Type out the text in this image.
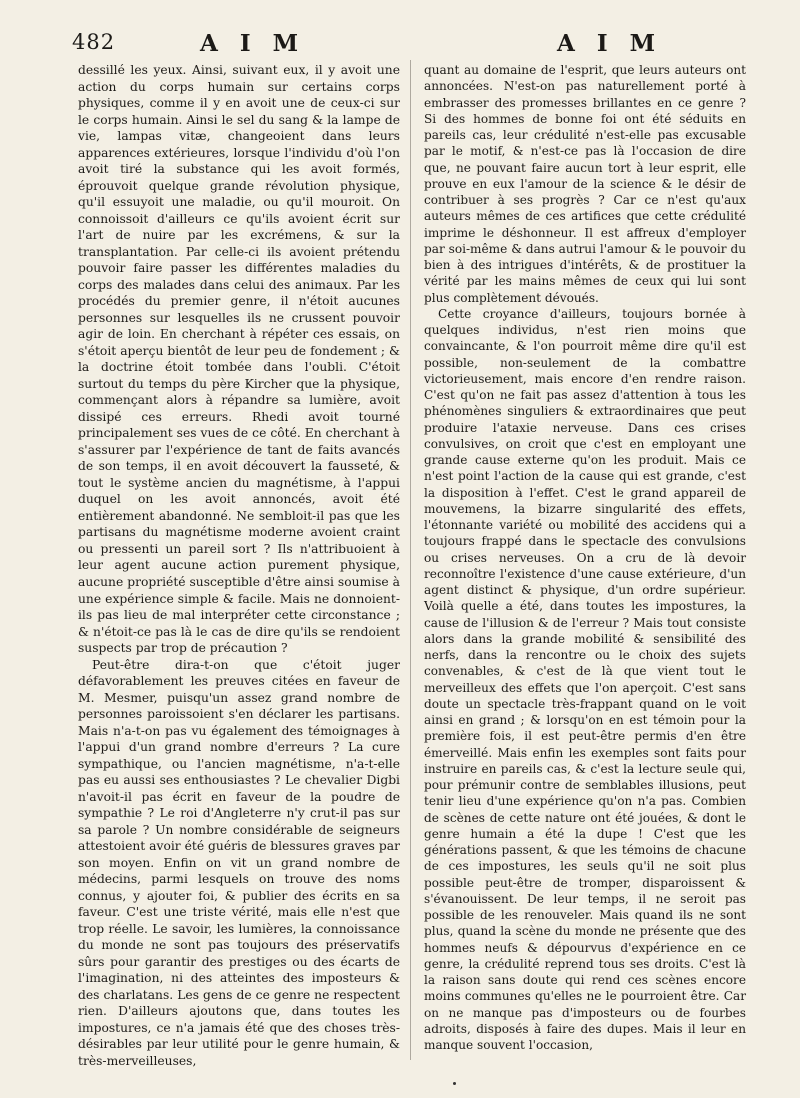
482	A I M	A I M

dessillé les yeux. Ainsi, suivant eux, il y avoit une action du corps humain sur certains corps physiques, comme il y en avoit une de ceux-ci sur le corps humain. Ainsi le sel du sang & la lampe de vie, lampas vitæ, changeoient dans leurs apparences extérieures, lorsque l'individu d'où l'on avoit tiré la substance qui les avoit formés, éprouvoit quelque grande révolution physique, qu'il essuyoit une maladie, ou qu'il mouroit. On connoissoit d'ailleurs ce qu'ils avoient écrit sur l'art de nuire par les excrémens, & sur la transplantation. Par celle-ci ils avoient prétendu pouvoir faire passer les différentes maladies du corps des malades dans celui des animaux. Par les procédés du premier genre, il n'étoit aucunes personnes sur lesquelles ils ne crussent pouvoir agir de loin. En cherchant à répéter ces essais, on s'étoit aperçu bientôt de leur peu de fondement ; & la doctrine étoit tombée dans l'oubli. C'étoit surtout du temps du père Kircher que la physique, commençant alors à répandre sa lumière, avoit dissipé ces erreurs. Rhedi avoit tourné principalement ses vues de ce côté. En cherchant à s'assurer par l'expérience de tant de faits avancés de son temps, il en avoit découvert la fausseté, & tout le système ancien du magnétisme, à l'appui duquel on les avoit annoncés, avoit été entièrement abandonné. Ne sembloit-il pas que les partisans du magnétisme moderne avoient craint ou pressenti un pareil sort ? Ils n'attribuoient à leur agent aucune action purement physique, aucune propriété susceptible d'être ainsi soumise à une expérience simple & facile. Mais ne donnoient-ils pas lieu de mal interpréter cette circonstance ; & n'étoit-ce pas là le cas de dire qu'ils se rendoient suspects par trop de précaution ?

Peut-être dira-t-on que c'étoit juger défavorablement les preuves citées en faveur de M. Mesmer, puisqu'un assez grand nombre de personnes paroissoient s'en déclarer les partisans. Mais n'a-t-on pas vu également des témoignages à l'appui d'un grand nombre d'erreurs ? La cure sympathique, ou l'ancien magnétisme, n'a-t-elle pas eu aussi ses enthousiastes ? Le chevalier Digbi n'avoit-il pas écrit en faveur de la poudre de sympathie ? Le roi d'Angleterre n'y crut-il pas sur sa parole ? Un nombre considérable de seigneurs attestoient avoir été guéris de blessures graves par son moyen. Enfin on vit un grand nombre de médecins, parmi lesquels on trouve des noms connus, y ajouter foi, & publier des écrits en sa faveur. C'est une triste vérité, mais elle n'est que trop réelle. Le savoir, les lumières, la connoissance du monde ne sont pas toujours des préservatifs sûrs pour garantir des prestiges ou des écarts de l'imagination, ni des atteintes des imposteurs & des charlatans. Les gens de ce genre ne respectent rien. D'ailleurs ajoutons que, dans toutes les impostures, ce n'a jamais été que des choses très-désirables par leur utilité pour le genre humain, & très-merveilleuses,

quant au domaine de l'esprit, que leurs auteurs ont annoncées. N'est-on pas naturellement porté à embrasser des promesses brillantes en ce genre ? Si des hommes de bonne foi ont été séduits en pareils cas, leur crédulité n'est-elle pas excusable par le motif, & n'est-ce pas là l'occasion de dire que, ne pouvant faire aucun tort à leur esprit, elle prouve en eux l'amour de la science & le désir de contribuer à ses progrès ? Car ce n'est qu'aux auteurs mêmes de ces artifices que cette crédulité imprime le déshonneur. Il est affreux d'employer par soi-même & dans autrui l'amour & le pouvoir du bien à des intrigues d'intérêts, & de prostituer la vérité par les mains mêmes de ceux qui lui sont plus complètement dévoués.

Cette croyance d'ailleurs, toujours bornée à quelques individus, n'est rien moins que convaincante, & l'on pourroit même dire qu'il est possible, non-seulement de la combattre victorieusement, mais encore d'en rendre raison. C'est qu'on ne fait pas assez d'attention à tous les phénomènes singuliers & extraordinaires que peut produire l'ataxie nerveuse. Dans ces crises convulsives, on croit que c'est en employant une grande cause externe qu'on les produit. Mais ce n'est point l'action de la cause qui est grande, c'est la disposition à l'effet. C'est le grand appareil de mouvemens, la bizarre singularité des effets, l'étonnante variété ou mobilité des accidens qui a toujours frappé dans le spectacle des convulsions ou crises nerveuses. On a cru de là devoir reconnoître l'existence d'une cause extérieure, d'un agent distinct & physique, d'un ordre supérieur. Voilà quelle a été, dans toutes les impostures, la cause de l'illusion & de l'erreur ? Mais tout consiste alors dans la grande mobilité & sensibilité des nerfs, dans la rencontre ou le choix des sujets convenables, & c'est de là que vient tout le merveilleux des effets que l'on aperçoit. C'est sans doute un spectacle très-frappant quand on le voit ainsi en grand ; & lorsqu'on en est témoin pour la première fois, il est peut-être permis d'en être émerveillé. Mais enfin les exemples sont faits pour instruire en pareils cas, & c'est la lecture seule qui, pour prémunir contre de semblables illusions, peut tenir lieu d'une expérience qu'on n'a pas. Combien de scènes de cette nature ont été jouées, & dont le genre humain a été la dupe ! C'est que les générations passent, & que les témoins de chacune de ces impostures, les seuls qu'il ne soit plus possible peut-être de tromper, disparoissent & s'évanouissent. De leur temps, il ne seroit pas possible de les renouveler. Mais quand ils ne sont plus, quand la scène du monde ne présente que des hommes neufs & dépourvus d'expérience en ce genre, la crédulité reprend tous ses droits. C'est là la raison sans doute qui rend ces scènes encore moins communes qu'elles ne le pourroient être. Car on ne manque pas d'imposteurs ou de fourbes adroits, disposés à faire des dupes. Mais il leur en manque souvent l'occasion,
